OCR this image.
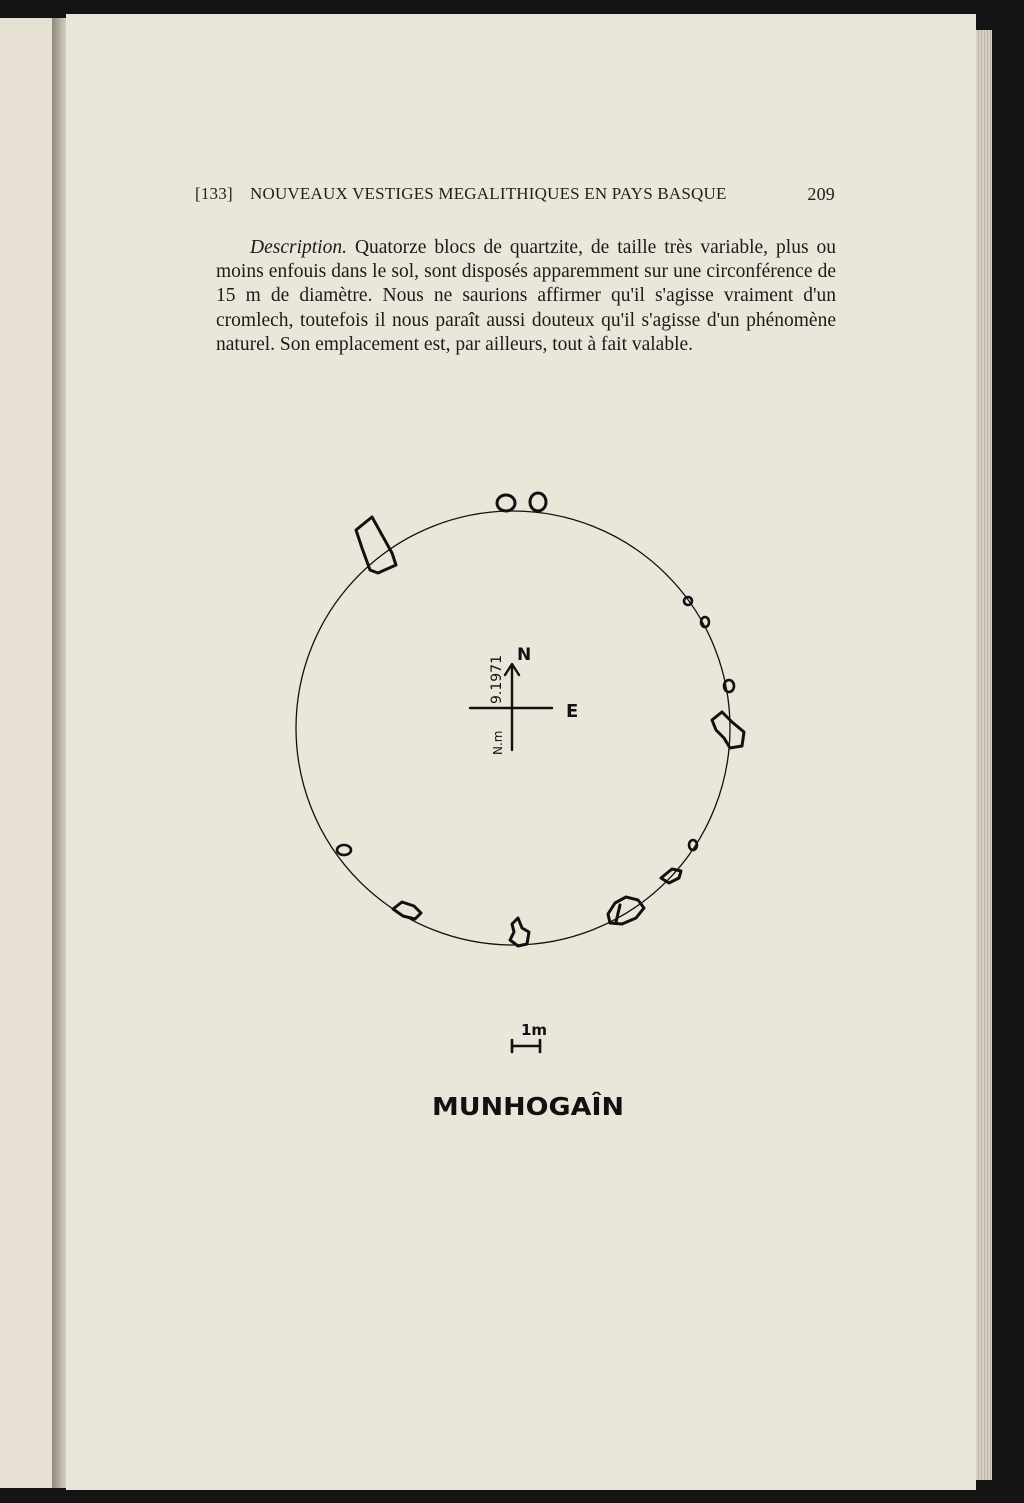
[133] NOUVEAUX VESTIGES MEGALITHIQUES EN PAYS BASQUE	209
Description. Quatorze blocs de quartzite, de taille très variable, plus ou moins enfouis dans le sol, sont disposés apparemment sur une circonférence de 15 m de diamètre. Nous ne saurions affirmer qu'il s'agisse vraiment d'un cromlech, toutefois il nous paraît aussi douteux qu'il s'agisse d'un phénomène naturel. Son emplacement est, par ailleurs, tout à fait valable.
N
E
9.1971
N.m
1m
MUNHOGAÎN
